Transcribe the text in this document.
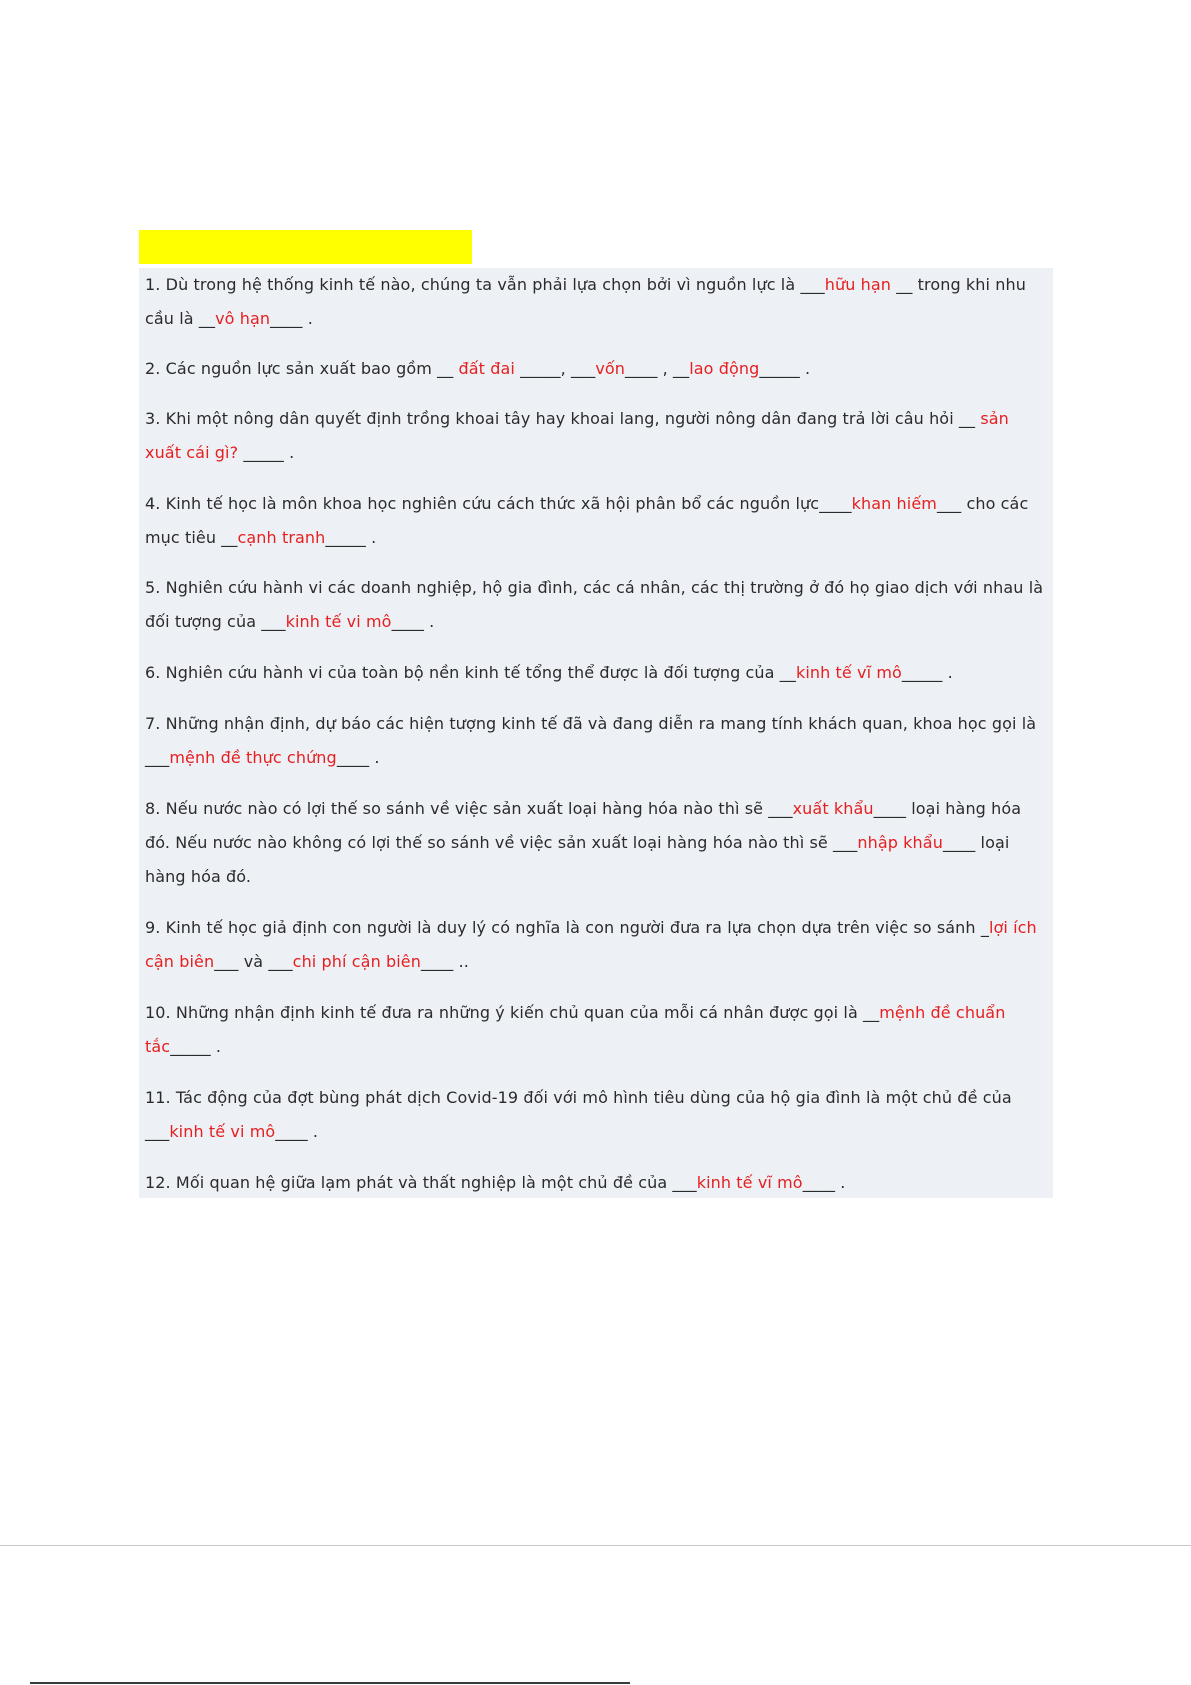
1. Dù trong hệ thống kinh tế nào, chúng ta vẫn phải lựa chọn bởi vì nguồn lực là ___hữu hạn __ trong khi nhu cầu là __vô hạn____ .

2. Các nguồn lực sản xuất bao gồm __ đất đai _____, ___vốn____ , __lao động_____ .

3. Khi một nông dân quyết định trồng khoai tây hay khoai lang, người nông dân đang trả lời câu hỏi __ sản xuất cái gì? _____ .

4. Kinh tế học là môn khoa học nghiên cứu cách thức xã hội phân bổ các nguồn lực____khan hiếm___ cho các mục tiêu __cạnh tranh_____ .

5. Nghiên cứu hành vi các doanh nghiệp, hộ gia đình, các cá nhân, các thị trường ở đó họ giao dịch với nhau là đối tượng của ___kinh tế vi mô____ .

6. Nghiên cứu hành vi của toàn bộ nền kinh tế tổng thể được là đối tượng của __kinh tế vĩ mô_____ .

7. Những nhận định, dự báo các hiện tượng kinh tế đã và đang diễn ra mang tính khách quan, khoa học gọi là ___mệnh đề thực chứng____ .

8. Nếu nước nào có lợi thế so sánh về việc sản xuất loại hàng hóa nào thì sẽ ___xuất khẩu____ loại hàng hóa đó. Nếu nước nào không có lợi thế so sánh về việc sản xuất loại hàng hóa nào thì sẽ ___nhập khẩu____ loại hàng hóa đó.

9. Kinh tế học giả định con người là duy lý có nghĩa là con người đưa ra lựa chọn dựa trên việc so sánh _lợi ích cận biên___ và ___chi phí cận biên____ ..

10. Những nhận định kinh tế đưa ra những ý kiến chủ quan của mỗi cá nhân được gọi là __mệnh đề chuẩn tắc_____ .

11. Tác động của đợt bùng phát dịch Covid-19 đối với mô hình tiêu dùng của hộ gia đình là một chủ đề của ___kinh tế vi mô____ .

12. Mối quan hệ giữa lạm phát và thất nghiệp là một chủ đề của ___kinh tế vĩ mô____ .
